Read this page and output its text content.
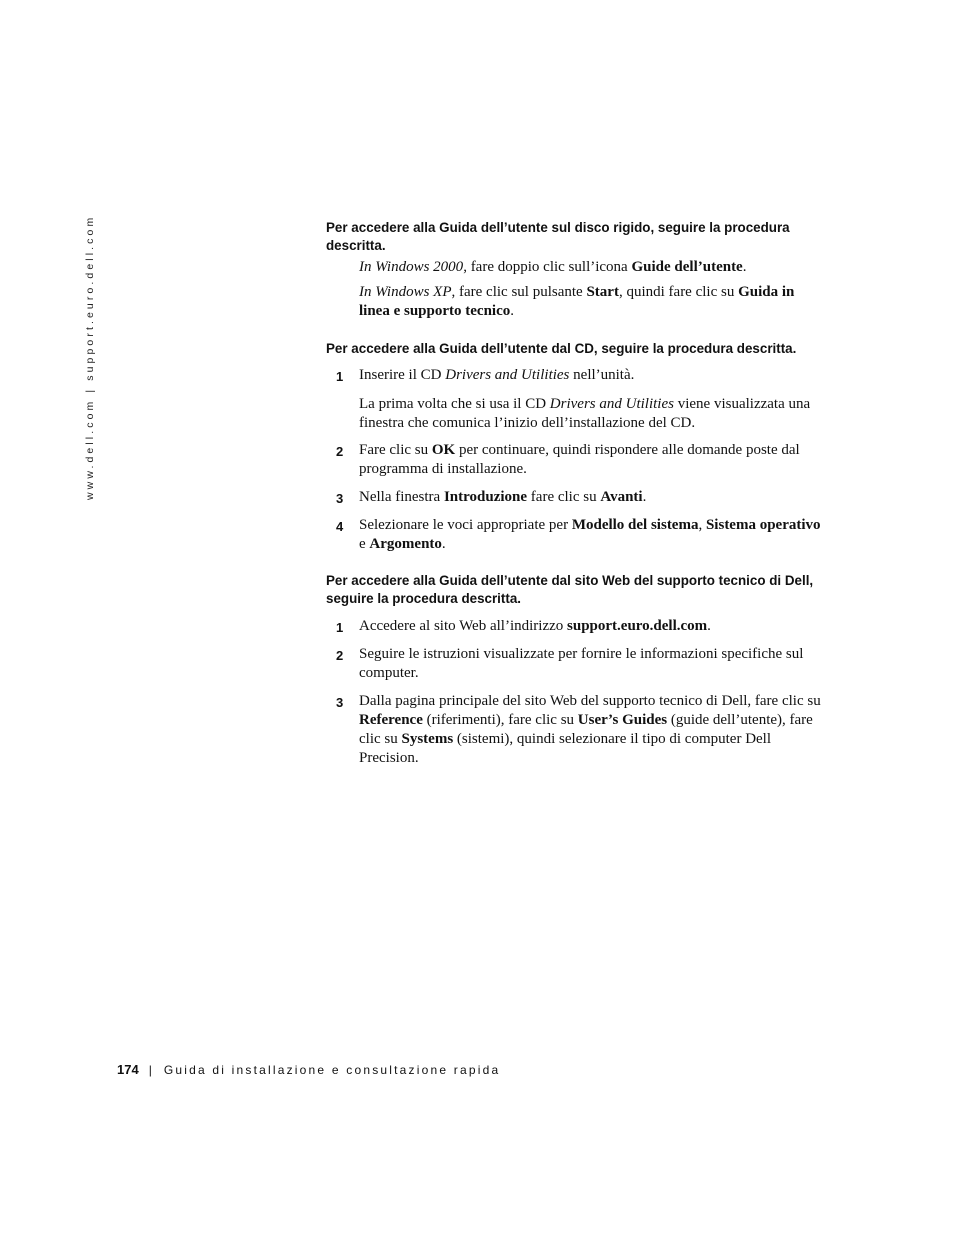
www.dell.com | support.euro.dell.com	Per accedere alla Guida dell’utente sul disco rigido, seguire la procedura descritta.

In Windows 2000, fare doppio clic sull’icona Guide dell’utente.

In Windows XP, fare clic sul pulsante Start, quindi fare clic su Guida in linea e supporto tecnico.

Per accedere alla Guida dell’utente dal CD, seguire la procedura descritta.

1 Inserire il CD Drivers and Utilities nell’unità.

La prima volta che si usa il CD Drivers and Utilities viene visualizzata una finestra che comunica l’inizio dell’installazione del CD.

2 Fare clic su OK per continuare, quindi rispondere alle domande poste dal programma di installazione.
3 Nella finestra Introduzione fare clic su Avanti.
4 Selezionare le voci appropriate per Modello del sistema, Sistema operativo e Argomento.

Per accedere alla Guida dell’utente dal sito Web del supporto tecnico di Dell, seguire la procedura descritta.

1 Accedere al sito Web all’indirizzo support.euro.dell.com.
2 Seguire le istruzioni visualizzate per fornire le informazioni specifiche sul computer.
3 Dalla pagina principale del sito Web del supporto tecnico di Dell, fare clic su Reference (riferimenti), fare clic su User’s Guides (guide dell’utente), fare clic su Systems (sistemi), quindi selezionare il tipo di computer Dell Precision.
174 | Guida di installazione e consultazione rapida
